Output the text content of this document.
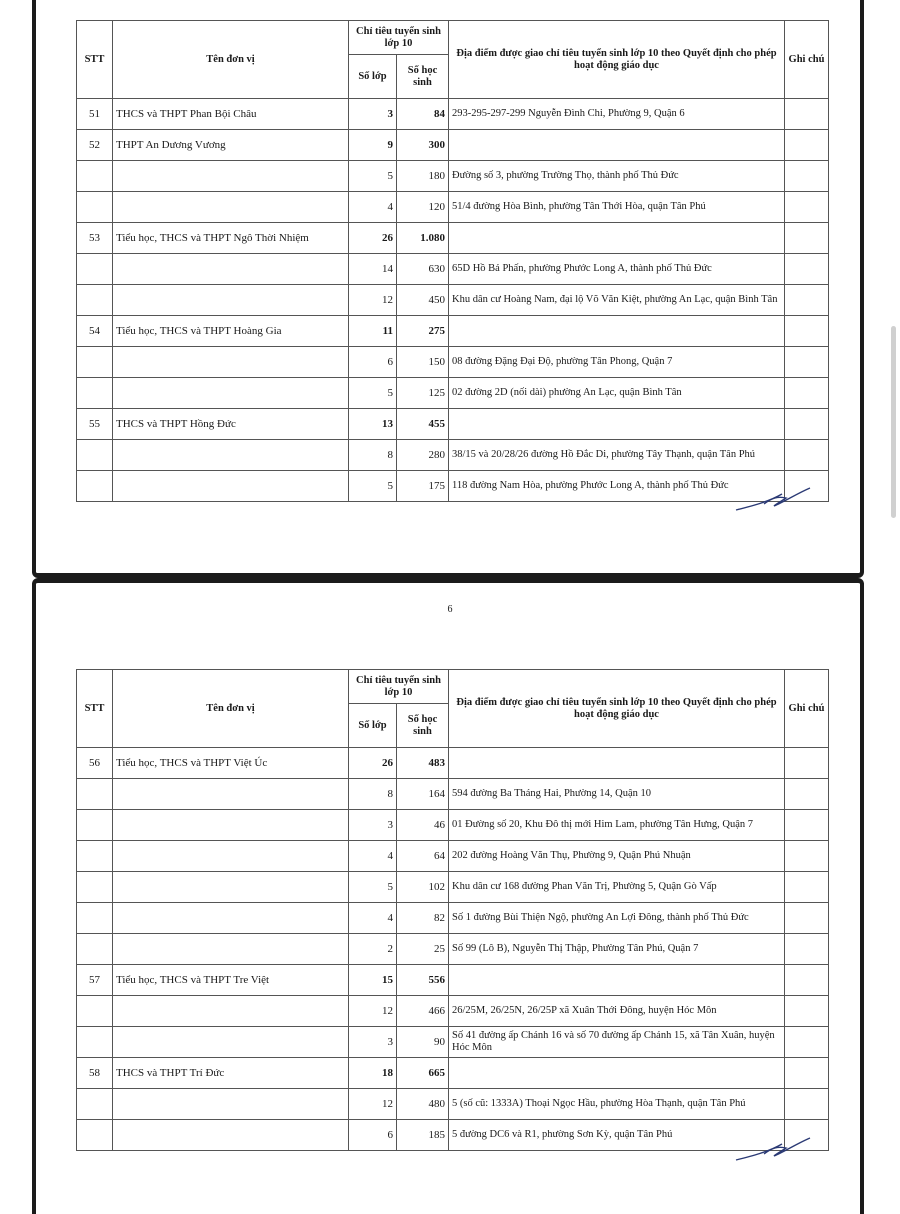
6
STT	Tên đơn vị	Chỉ tiêu tuyển sinh lớp 10		Địa điểm được giao chỉ tiêu tuyển sinh lớp 10 theo Quyết định cho phép hoạt động giáo dục	Ghi chú
		Số lớp	Số học sinh		
51	THCS và THPT Phan Bội Châu	3	84	293-295-297-299 Nguyễn Đình Chi, Phường 9, Quận 6	
52	THPT An Dương Vương	9	300		
		5	180	Đường số 3, phường Trường Thọ, thành phố Thủ Đức	
		4	120	51/4 đường Hòa Bình, phường Tân Thới Hòa, quận Tân Phú	
53	Tiểu học, THCS và THPT Ngô Thời Nhiệm	26	1.080		
		14	630	65D Hồ Bá Phấn, phường Phước Long A, thành phố Thủ Đức	
		12	450	Khu dân cư Hoàng Nam, đại lộ Võ Văn Kiệt, phường An Lạc, quận Bình Tân	
54	Tiểu học, THCS và THPT Hoàng Gia	11	275		
		6	150	08 đường Đặng Đại Độ, phường Tân Phong, Quận 7	
		5	125	02 đường 2D (nối dài) phường An Lạc, quận Bình Tân	
55	THCS và THPT Hồng Đức	13	455		
		8	280	38/15 và 20/28/26 đường Hồ Đắc Di, phường Tây Thạnh, quận Tân Phú	
		5	175	118 đường Nam Hòa, phường Phước Long A, thành phố Thủ Đức	
STT	Tên đơn vị	Chỉ tiêu tuyển sinh lớp 10		Địa điểm được giao chỉ tiêu tuyển sinh lớp 10 theo Quyết định cho phép hoạt động giáo dục	Ghi chú
		Số lớp	Số học sinh		
56	Tiểu học, THCS và THPT Việt Úc	26	483		
		8	164	594 đường Ba Tháng Hai, Phường 14, Quận 10	
		3	46	01 Đường số 20, Khu Đô thị mới Him Lam, phường Tân Hưng, Quận 7	
		4	64	202 đường Hoàng Văn Thụ, Phường 9, Quận Phú Nhuận	
		5	102	Khu dân cư 168 đường Phan Văn Trị, Phường 5, Quận Gò Vấp	
		4	82	Số 1 đường Bùi Thiện Ngộ, phường An Lợi Đông, thành phố Thủ Đức	
		2	25	Số 99 (Lô B), Nguyễn Thị Thập, Phường Tân Phú, Quận 7	
57	Tiểu học, THCS và THPT Tre Việt	15	556		
		12	466	26/25M, 26/25N, 26/25P xã Xuân Thới Đông, huyện Hóc Môn	
		3	90	Số 41 đường ấp Chánh 16 và số 70 đường ấp Chánh 15, xã Tân Xuân, huyện Hóc Môn	
58	THCS và THPT Trí Đức	18	665		
		12	480	5 (số cũ: 1333A) Thoại Ngọc Hầu, phường Hòa Thạnh, quận Tân Phú	
		6	185	5 đường DC6 và R1, phường Sơn Kỳ, quận Tân Phú	
